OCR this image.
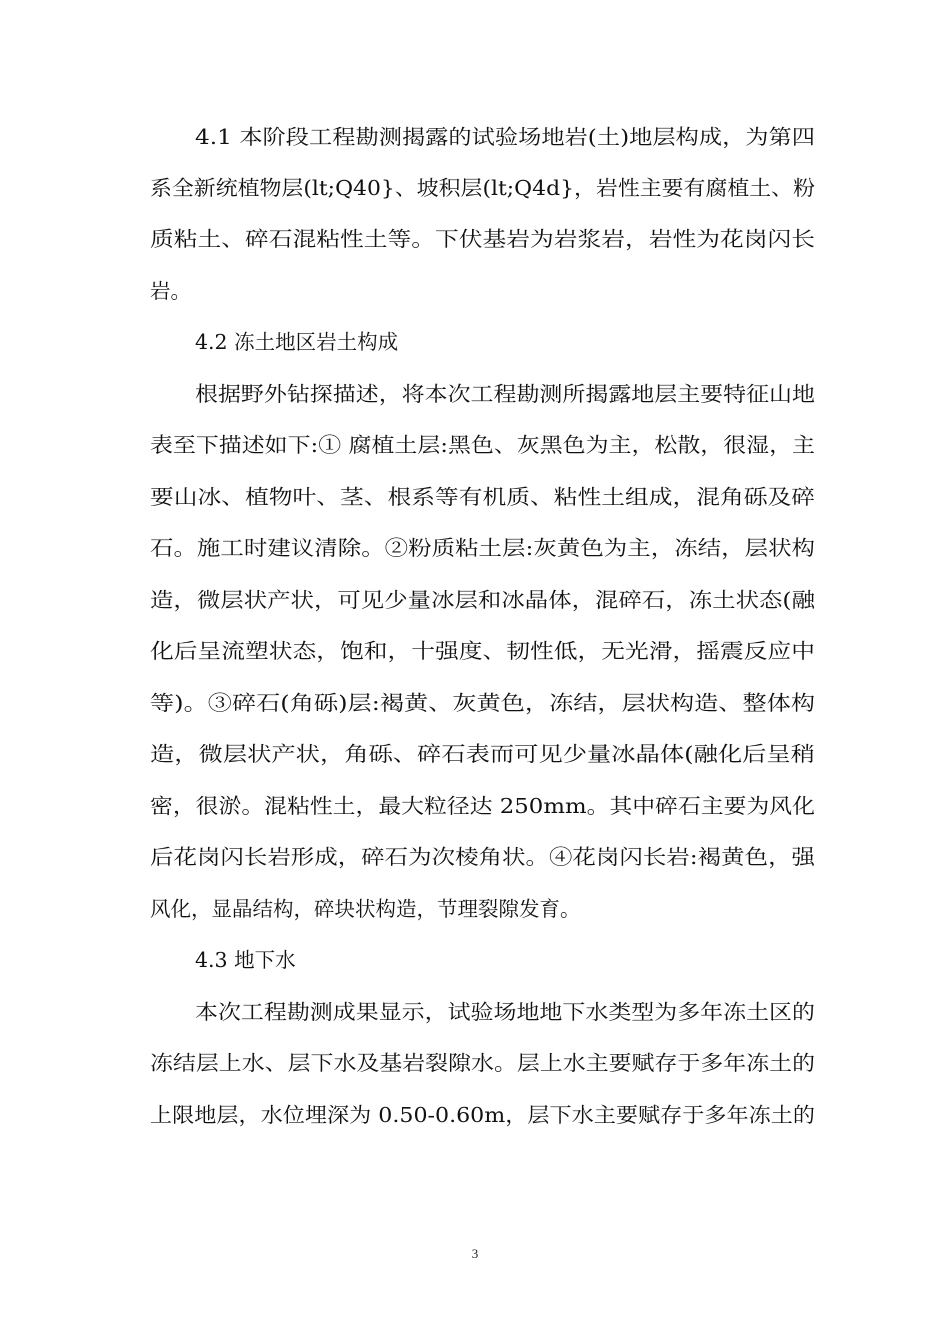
4.1 本阶段工程勘测揭露的试验场地岩(土)地层构成，为第四
系全新统植物层(lt;Q40}、坡积层(lt;Q4d}，岩性主要有腐植土、粉
质粘土、碎石混粘性土等。下伏基岩为岩浆岩，岩性为花岗闪长
岩。
4.2 冻土地区岩土构成
根据野外钻探描述，将本次工程勘测所揭露地层主要特征山地
表至下描述如下:① 腐植土层:黑色、灰黑色为主，松散，很湿，主
要山冰、植物叶、茎、根系等有机质、粘性土组成，混角砾及碎
石。施工时建议清除。②粉质粘土层:灰黄色为主，冻结，层状构
造，微层状产状，可见少量冰层和冰晶体，混碎石，冻土状态(融
化后呈流塑状态，饱和，十强度、韧性低，无光滑，摇震反应中
等)。③碎石(角砾)层:褐黄、灰黄色，冻结，层状构造、整体构
造，微层状产状，角砾、碎石表而可见少量冰晶体(融化后呈稍
密，很淤。混粘性土，最大粒径达 250mm。其中碎石主要为风化
后花岗闪长岩形成，碎石为次棱角状。④花岗闪长岩:褐黄色，强
风化，显晶结构，碎块状构造，节理裂隙发育。
4.3 地下水
本次工程勘测成果显示，试验场地地下水类型为多年冻土区的
冻结层上水、层下水及基岩裂隙水。层上水主要赋存于多年冻土的
上限地层，水位埋深为 0.50-0.60m，层下水主要赋存于多年冻土的
3
